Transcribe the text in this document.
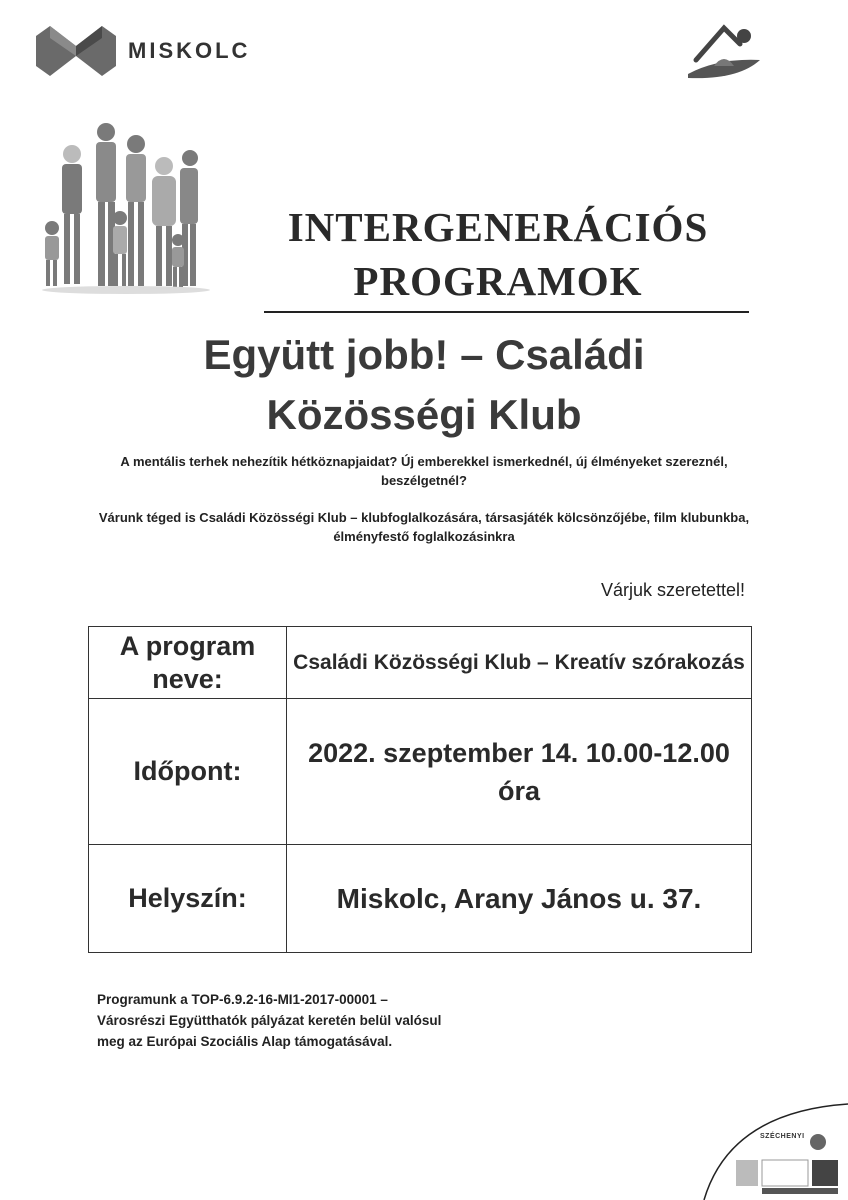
MISKOLC
INTERGENERÁCIÓS
PROGRAMOK
Együtt jobb! – Családi
Közösségi Klub
A mentális terhek nehezítik hétköznapjaidat? Új emberekkel ismerkednél, új élményeket szereznél, beszélgetnél?
Várunk téged is Családi Közösségi Klub – klubfoglalkozására, társasjáték kölcsönzőjébe, film klubunkba, élményfestő foglalkozásinkra
Várjuk szeretettel!
A program neve:	Családi Közösségi Klub – Kreatív szórakozás
Időpont:	2022. szeptember 14. 10.00-12.00 óra
Helyszín:	Miskolc, Arany János u. 37.
Programunk a TOP-6.9.2-16-MI1-2017-00001 –
Városrészi Együtthatók pályázat keretén belül valósul
meg az Európai Szociális Alap támogatásával.
SZÉCHENYI
